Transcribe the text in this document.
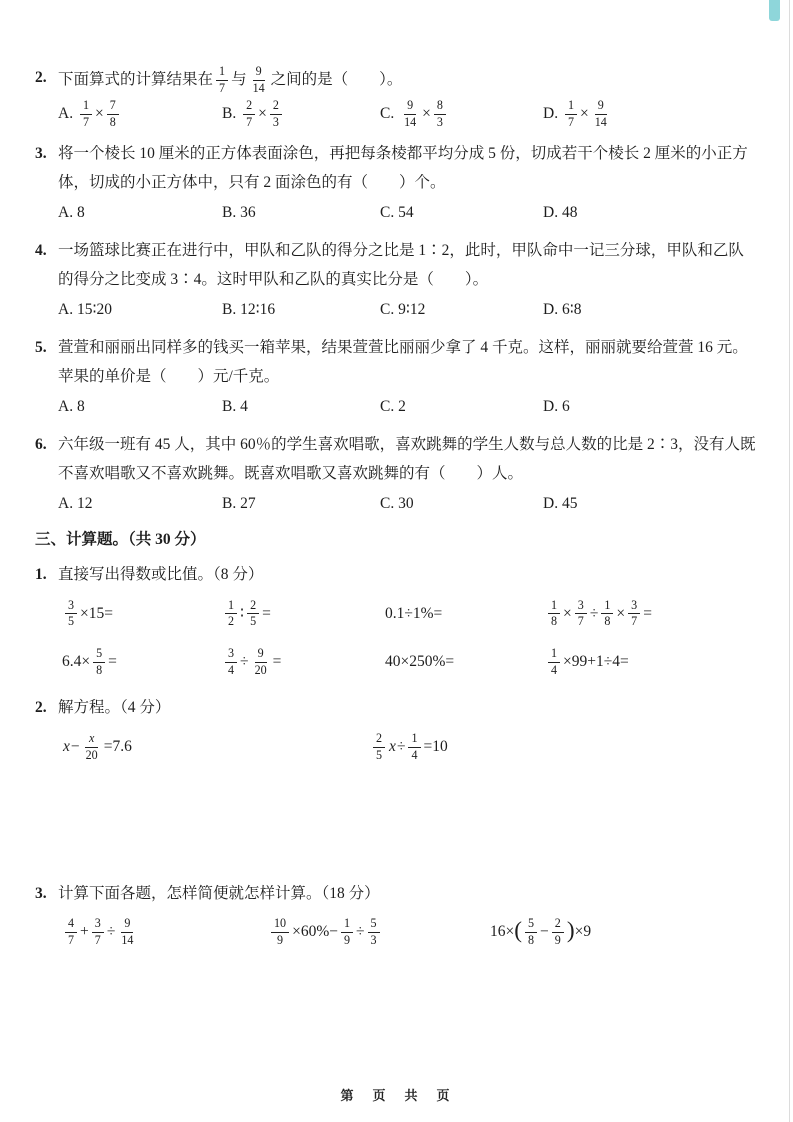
2. 下面算式的计算结果在 $\frac{1}{7}$ 与 $\frac{9}{14}$ 之间的是（　　）。
A. $\frac{1}{7} \times \frac{7}{8}$	B. $\frac{2}{7} \times \frac{2}{3}$	C. $\frac{9}{14} \times \frac{8}{3}$	D. $\frac{1}{7} \times \frac{9}{14}$
3. 将一个棱长 10 厘米的正方体表面涂色，再把每条棱都平均分成 5 份，切成若干个棱长 2 厘米的小正方体，切成的小正方体中，只有 2 面涂色的有（　　）个。
A. 8	B. 36	C. 54	D. 48
4. 一场篮球比赛正在进行中，甲队和乙队的得分之比是 1∶2，此时，甲队命中一记三分球，甲队和乙队的得分之比变成 3∶4。这时甲队和乙队的真实比分是（　　）。
A. 15∶20	B. 12∶16	C. 9∶12	D. 6∶8
5. 萱萱和丽丽出同样多的钱买一箱苹果，结果萱萱比丽丽少拿了 4 千克。这样，丽丽就要给萱萱 16 元。苹果的单价是（　　）元/千克。
A. 8	B. 4	C. 2	D. 6
6. 六年级一班有 45 人，其中 60％的学生喜欢唱歌，喜欢跳舞的学生人数与总人数的比是 2∶3，没有人既不喜欢唱歌又不喜欢跳舞。既喜欢唱歌又喜欢跳舞的有（　　）人。
A. 12	B. 27	C. 30	D. 45
三、计算题。（共 30 分）
1. 直接写出得数或比值。（8 分）
$\frac{3}{5} \times 15=$	$\frac{1}{2}$ ∶ $\frac{2}{5}$ =	0.1÷1%=	$\frac{1}{8} \times \frac{3}{7} \div \frac{1}{8} \times \frac{3}{7}$ =
$6.4\times \frac{5}{8}$ =	$\frac{3}{4} \div \frac{9}{20}$ =	40×250%=	$\frac{1}{4} \times 99+1\div 4=$
2. 解方程。（4 分）
$x- \frac{x}{20} =7.6$	$\frac{2}{5} x\div \frac{1}{4} =10$
3. 计算下面各题，怎样简便就怎样计算。（18 分）
$\frac{4}{7} + \frac{3}{7} \div \frac{9}{14}$	$\frac{10}{9} \times 60\%- \frac{1}{9} \div \frac{5}{3}$	$16\times( \frac{5}{8} - \frac{2}{9} )\times 9$
第　页　共　页
